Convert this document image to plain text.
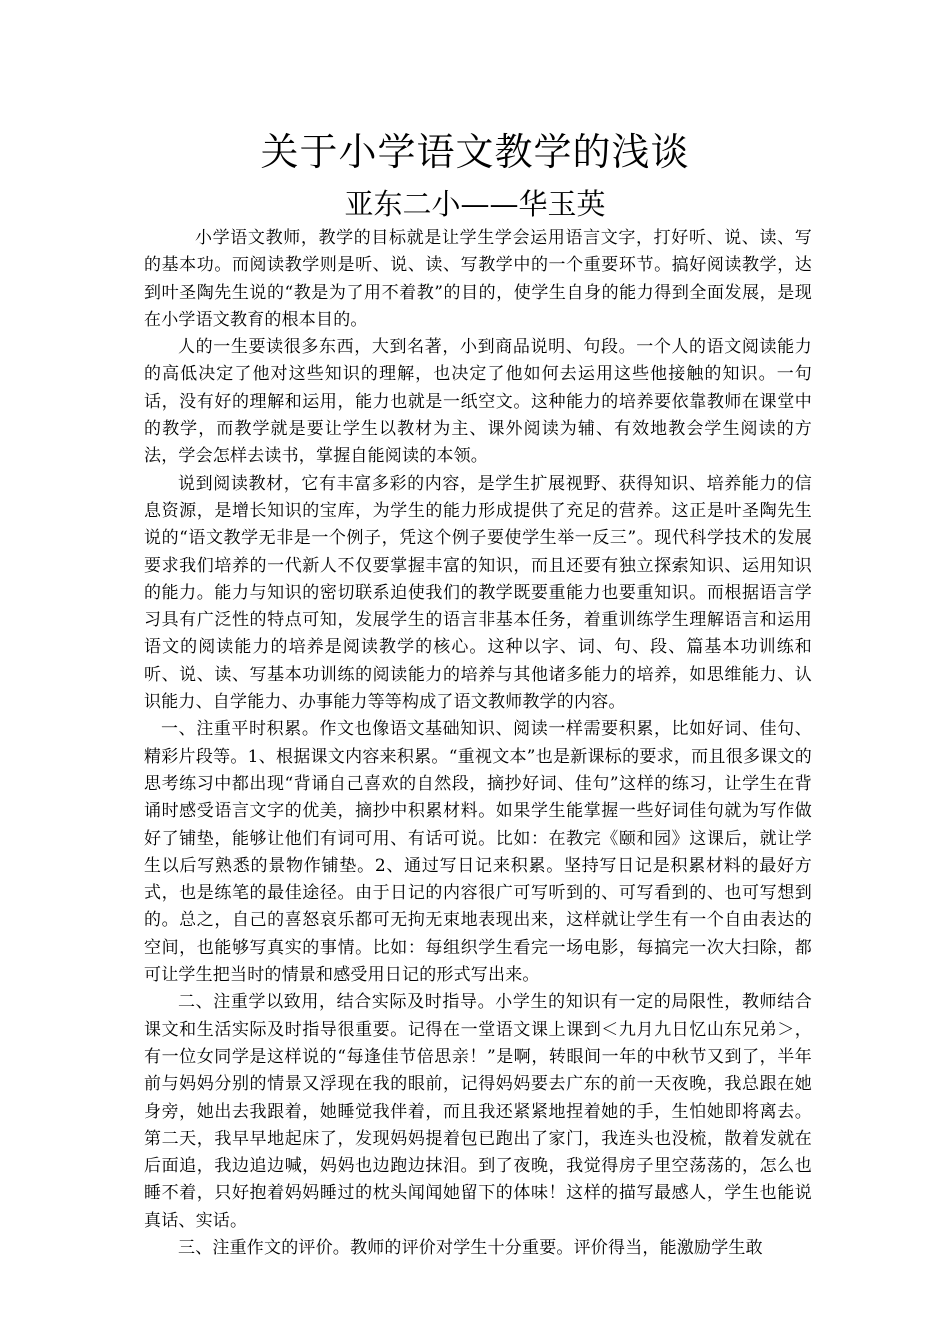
关于小学语文教学的浅谈
亚东二小——华玉英

小学语文教师，教学的目标就是让学生学会运用语言文字，打好听、说、读、写的基本功。而阅读教学则是听、说、读、写教学中的一个重要环节。搞好阅读教学，达到叶圣陶先生说的“教是为了用不着教”的目的，使学生自身的能力得到全面发展，是现在小学语文教育的根本目的。

人的一生要读很多东西，大到名著，小到商品说明、句段。一个人的语文阅读能力的高低决定了他对这些知识的理解，也决定了他如何去运用这些他接触的知识。一句话，没有好的理解和运用，能力也就是一纸空文。这种能力的培养要依靠教师在课堂中的教学，而教学就是要让学生以教材为主、课外阅读为辅、有效地教会学生阅读的方法，学会怎样去读书，掌握自能阅读的本领。

说到阅读教材，它有丰富多彩的内容，是学生扩展视野、获得知识、培养能力的信息资源，是增长知识的宝库，为学生的能力形成提供了充足的营养。这正是叶圣陶先生说的“语文教学无非是一个例子，凭这个例子要使学生举一反三”。现代科学技术的发展要求我们培养的一代新人不仅要掌握丰富的知识，而且还要有独立探索知识、运用知识的能力。能力与知识的密切联系迫使我们的教学既要重能力也要重知识。而根据语言学习具有广泛性的特点可知，发展学生的语言非基本任务，着重训练学生理解语言和运用语文的阅读能力的培养是阅读教学的核心。这种以字、词、句、段、篇基本功训练和听、说、读、写基本功训练的阅读能力的培养与其他诸多能力的培养，如思维能力、认识能力、自学能力、办事能力等等构成了语文教师教学的内容。

一、注重平时积累。作文也像语文基础知识、阅读一样需要积累，比如好词、佳句、精彩片段等。1、根据课文内容来积累。“重视文本”也是新课标的要求，而且很多课文的思考练习中都出现“背诵自己喜欢的自然段，摘抄好词、佳句”这样的练习，让学生在背诵时感受语言文字的优美，摘抄中积累材料。如果学生能掌握一些好词佳句就为写作做好了铺垫，能够让他们有词可用、有话可说。比如：在教完《颐和园》这课后，就让学生以后写熟悉的景物作铺垫。2、通过写日记来积累。坚持写日记是积累材料的最好方式，也是练笔的最佳途径。由于日记的内容很广可写听到的、可写看到的、也可写想到的。总之，自己的喜怒哀乐都可无拘无束地表现出来，这样就让学生有一个自由表达的空间，也能够写真实的事情。比如：每组织学生看完一场电影，每搞完一次大扫除，都可让学生把当时的情景和感受用日记的形式写出来。

二、注重学以致用，结合实际及时指导。小学生的知识有一定的局限性，教师结合课文和生活实际及时指导很重要。记得在一堂语文课上课到＜九月九日忆山东兄弟＞，有一位女同学是这样说的“每逢佳节倍思亲！”是啊，转眼间一年的中秋节又到了，半年前与妈妈分别的情景又浮现在我的眼前，记得妈妈要去广东的前一天夜晚，我总跟在她身旁，她出去我跟着，她睡觉我伴着，而且我还紧紧地捏着她的手，生怕她即将离去。第二天，我早早地起床了，发现妈妈提着包已跑出了家门，我连头也没梳，散着发就在后面追，我边追边喊，妈妈也边跑边抹泪。到了夜晚，我觉得房子里空荡荡的，怎么也睡不着，只好抱着妈妈睡过的枕头闻闻她留下的体味！这样的描写最感人，学生也能说真话、实话。

三、注重作文的评价。教师的评价对学生十分重要。评价得当，能激励学生敢
